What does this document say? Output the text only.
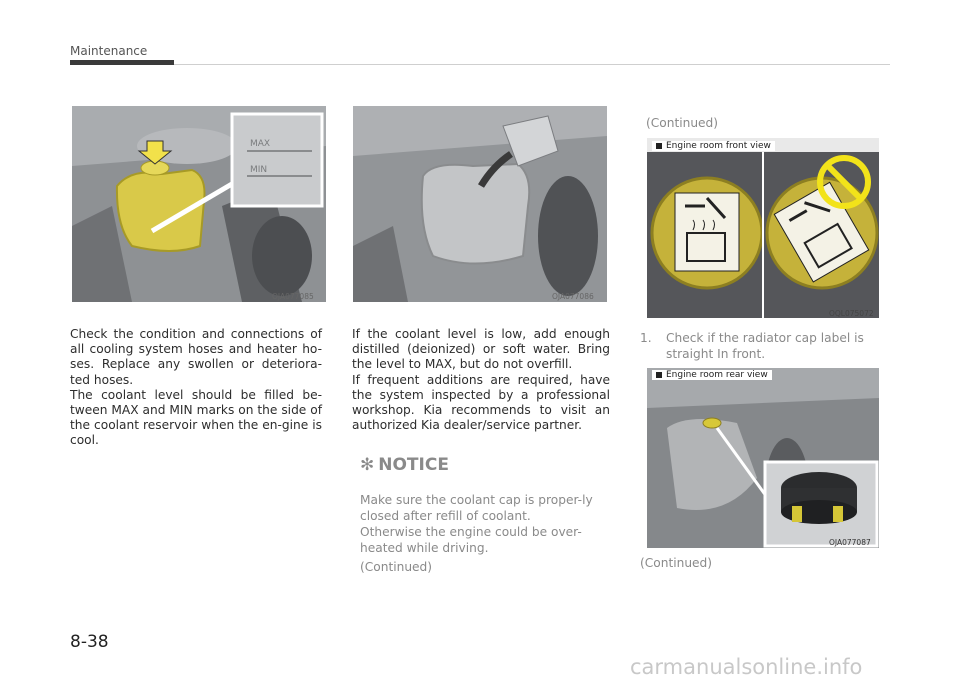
Maintenance
MAX
MIN
OJA077085	OJA077086

Check the condition and connections of all cooling system hoses and heater ho-ses. Replace any swollen or deteriora-ted hoses.

The coolant level should be filled be-tween MAX and MIN marks on the side of the coolant reservoir when the en-gine is cool.

If the coolant level is low, add enough distilled (deionized) or soft water. Bring the level to MAX, but do not overfill.

If frequent additions are required, have the system inspected by a professional workshop. Kia recommends to visit an authorized Kia dealer/service partner.

✻ NOTICE

Make sure the coolant cap is proper-ly closed after refill of coolant.

Otherwise the engine could be over-heated while driving.

(Continued)
(Continued)
Engine room front view
OQL075072
1.	Check if the radiator cap label is straight In front.
Engine room rear view
OJA077087
(Continued)
8-38
carmanualsonline.info
